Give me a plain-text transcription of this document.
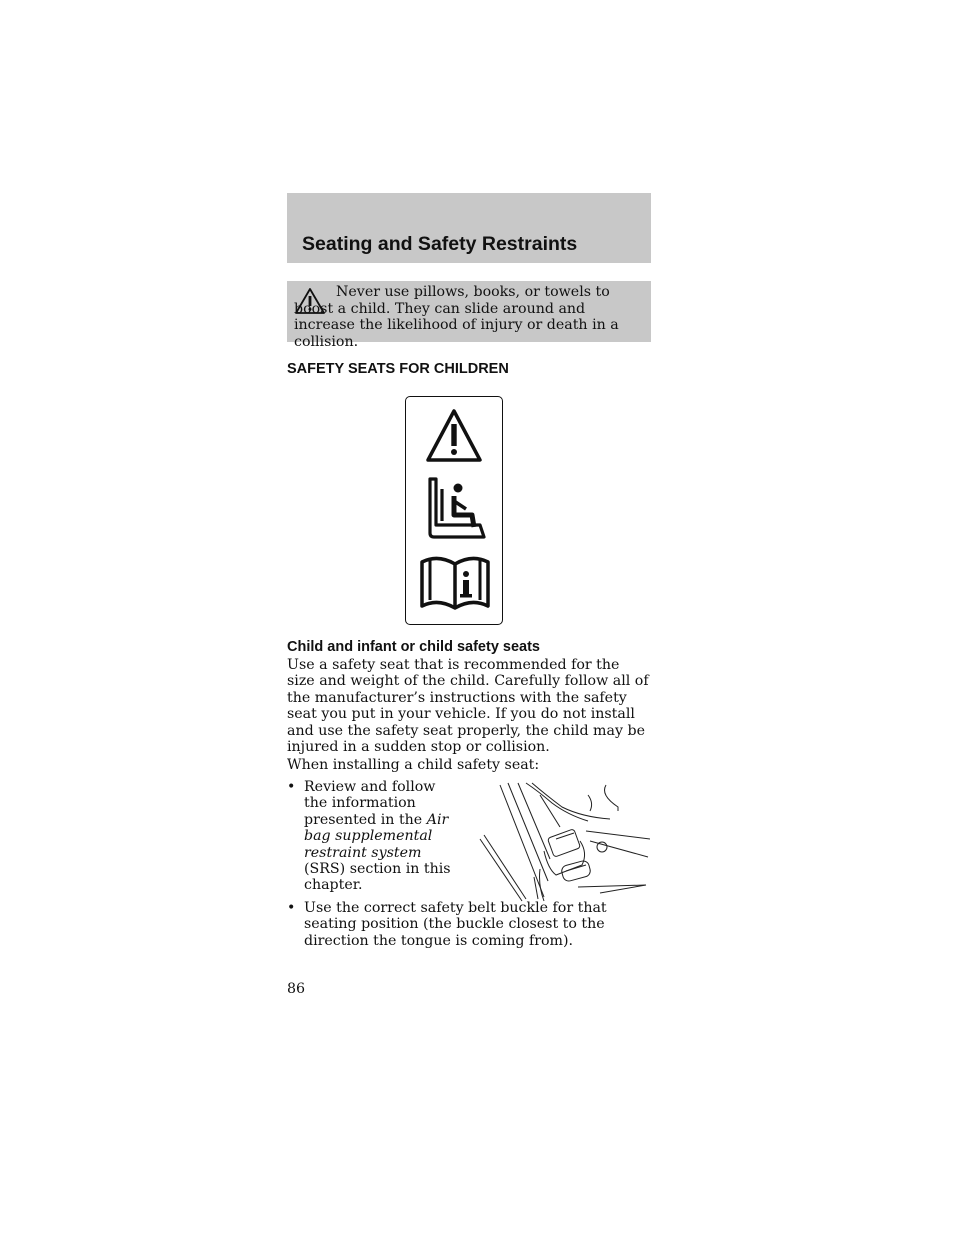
Seating and Safety Restraints
Never use pillows, books, or towels to boost a child. They can slide around and increase the likelihood of injury or death in a collision.
SAFETY SEATS FOR CHILDREN
Child and infant or child safety seats

Use a safety seat that is recommended for the size and weight of the child. Carefully follow all of the manufacturer’s instructions with the safety seat you put in your vehicle. If you do not install and use the safety seat properly, the child may be injured in a sudden stop or collision.

When installing a child safety seat:
• Review and follow the information presented in the Air bag supplemental restraint system (SRS) section in this chapter.
• Use the correct safety belt buckle for that seating position (the buckle closest to the direction the tongue is coming from).
86
